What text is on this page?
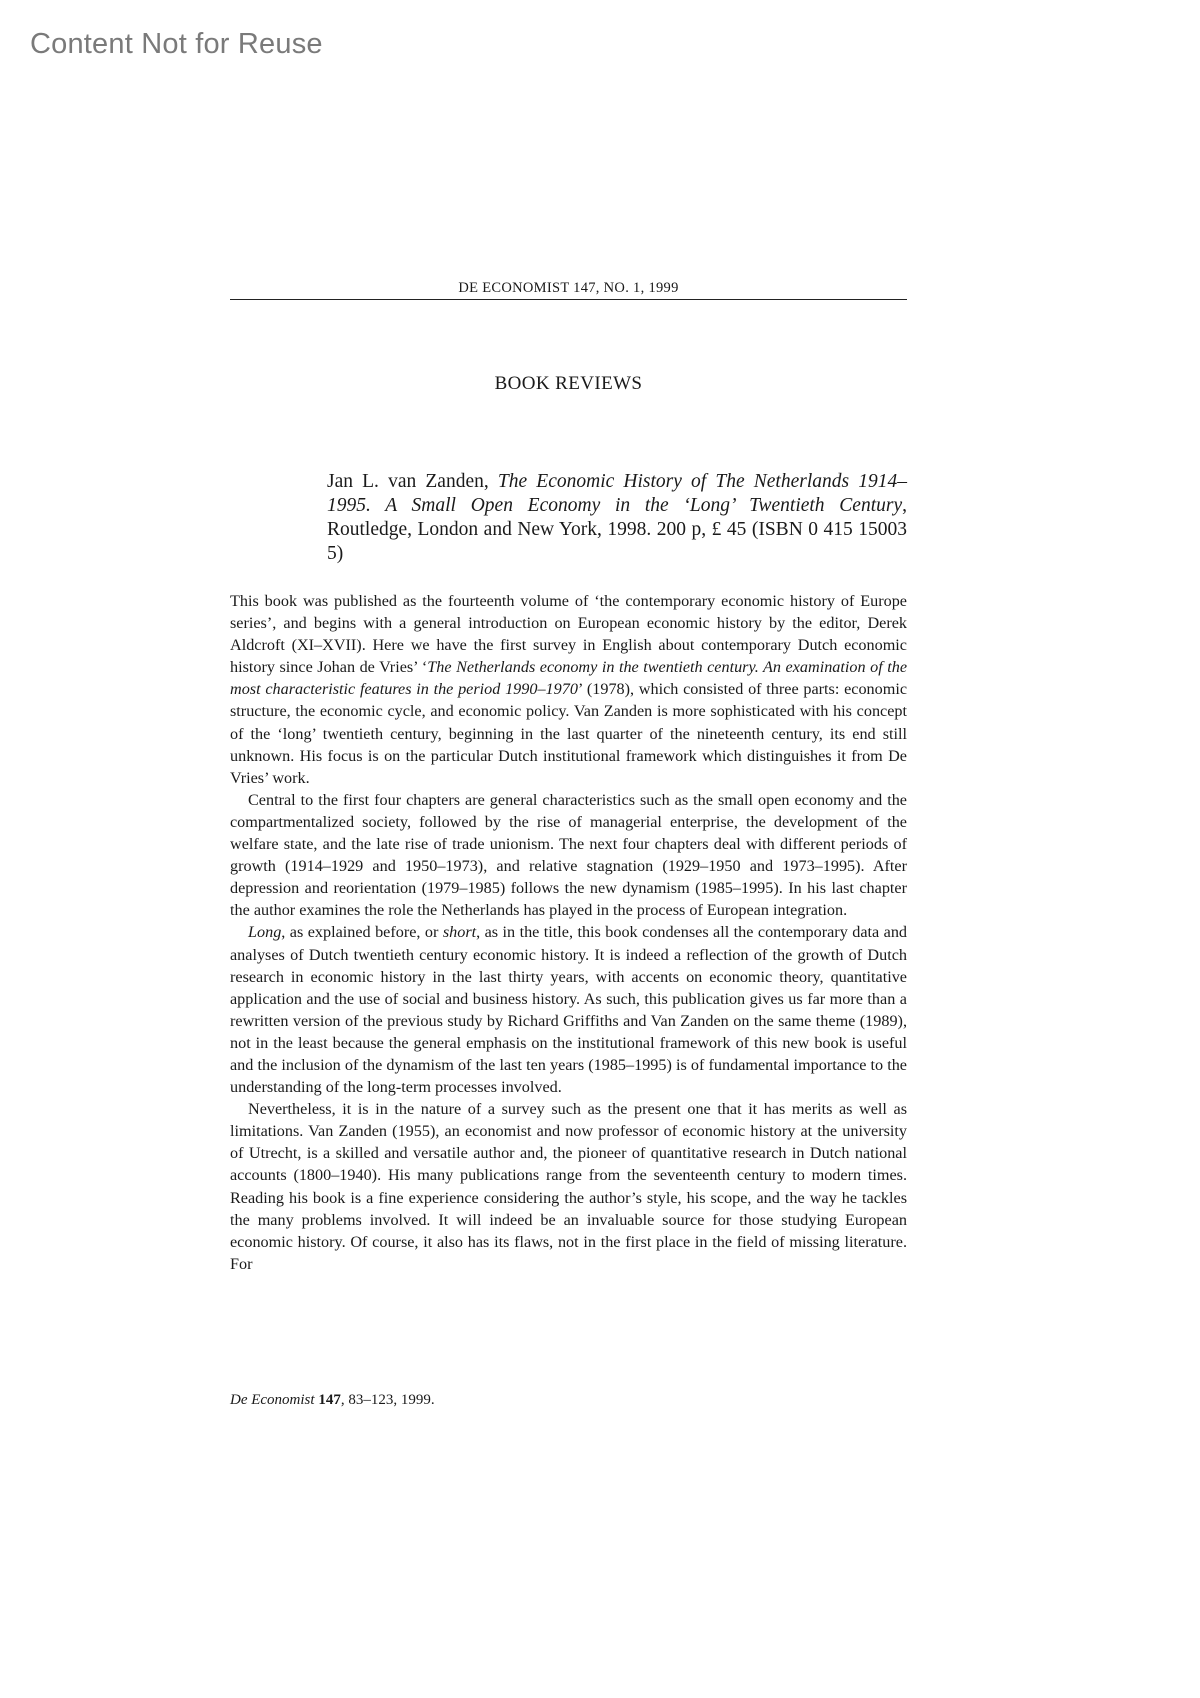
Content Not for Reuse
DE ECONOMIST 147, NO. 1, 1999
BOOK REVIEWS
Jan L. van Zanden, The Economic History of The Netherlands 1914–1995. A Small Open Economy in the ‘Long’ Twentieth Century, Routledge, London and New York, 1998. 200 p, £ 45 (ISBN 0 415 15003 5)

This book was published as the fourteenth volume of ‘the contemporary economic history of Europe series’, and begins with a general introduction on European economic history by the editor, Derek Aldcroft (XI–XVII). Here we have the first survey in English about contemporary Dutch economic history since Johan de Vries’ ‘The Netherlands economy in the twentieth century. An examination of the most characteristic features in the period 1990–1970’ (1978), which consisted of three parts: economic structure, the economic cycle, and economic policy. Van Zanden is more sophisticated with his concept of the ‘long’ twentieth century, beginning in the last quarter of the nineteenth century, its end still unknown. His focus is on the particular Dutch institutional framework which distinguishes it from De Vries’ work.

Central to the first four chapters are general characteristics such as the small open economy and the compartmentalized society, followed by the rise of managerial enterprise, the development of the welfare state, and the late rise of trade unionism. The next four chapters deal with different periods of growth (1914–1929 and 1950–1973), and relative stagnation (1929–1950 and 1973–1995). After depression and reorientation (1979–1985) follows the new dynamism (1985–1995). In his last chapter the author examines the role the Netherlands has played in the process of European integration.

Long, as explained before, or short, as in the title, this book condenses all the contemporary data and analyses of Dutch twentieth century economic history. It is indeed a reflection of the growth of Dutch research in economic history in the last thirty years, with accents on economic theory, quantitative application and the use of social and business history. As such, this publication gives us far more than a rewritten version of the previous study by Richard Griffiths and Van Zanden on the same theme (1989), not in the least because the general emphasis on the institutional framework of this new book is useful and the inclusion of the dynamism of the last ten years (1985–1995) is of fundamental importance to the understanding of the long-term processes involved.

Nevertheless, it is in the nature of a survey such as the present one that it has merits as well as limitations. Van Zanden (1955), an economist and now professor of economic history at the university of Utrecht, is a skilled and versatile author and, the pioneer of quantitative research in Dutch national accounts (1800–1940). His many publications range from the seventeenth century to modern times. Reading his book is a fine experience considering the author’s style, his scope, and the way he tackles the many problems involved. It will indeed be an invaluable source for those studying European economic history. Of course, it also has its flaws, not in the first place in the field of missing literature. For

De Economist 147, 83–123, 1999.
